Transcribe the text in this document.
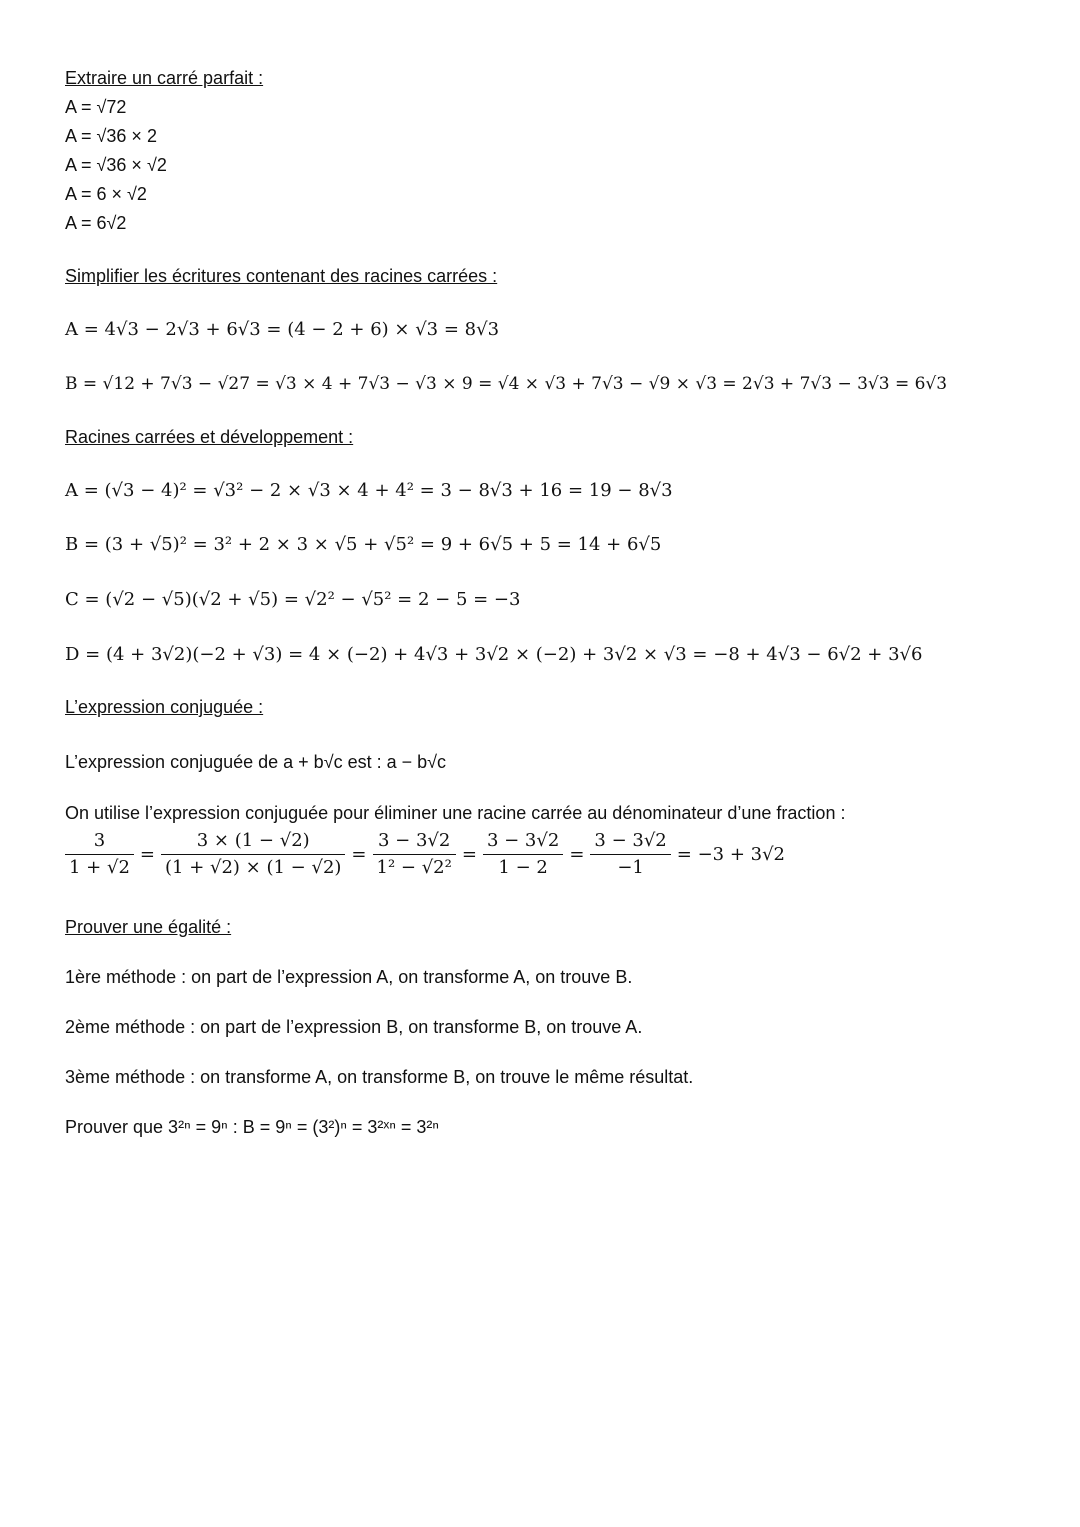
Extraire un carré parfait :
A = √72
A = √36 × 2
A = √36 × √2
A = 6 × √2
A = 6√2
Simplifier les écritures contenant des racines carrées :
A = 4√3 − 2√3 + 6√3 = (4 − 2 + 6) × √3 = 8√3
B = √12 + 7√3 − √27 = √3 × 4 + 7√3 − √3 × 9 = √4 × √3 + 7√3 − √9 × √3 = 2√3 + 7√3 − 3√3 = 6√3
Racines carrées et développement :
A = (√3 − 4)² = √3² − 2 × √3 × 4 + 4² = 3 − 8√3 + 16 = 19 − 8√3
B = (3 + √5)² = 3² + 2 × 3 × √5 + √5² = 9 + 6√5 + 5 = 14 + 6√5
C = (√2 − √5)(√2 + √5) = √2² − √5² = 2 − 5 = −3
D = (4 + 3√2)(−2 + √3) = 4 × (−2) + 4√3 + 3√2 × (−2) + 3√2 × √3 = −8 + 4√3 − 6√2 + 3√6
L’expression conjuguée :
L’expression conjuguée de a + b√c est : a − b√c
On utilise l’expression conjuguée pour éliminer une racine carrée au dénominateur d’une fraction :
$\frac{3}{1 + √2} = \frac{3 \times (1 - √2)}{(1 + √2) \times (1 - √2)} = \frac{3 - 3√2}{\text{1² − √2²}} = \frac{3 - 3√2}{1 - 2} = \frac{3 - 3√2}{-1} = -3 + 3√2$
Prouver une égalité :
1ère méthode : on part de l’expression A, on transforme A, on trouve B.
2ème méthode : on part de l’expression B, on transforme B, on trouve A.
3ème méthode : on transforme A, on transforme B, on trouve le même résultat.
Prouver que 3²ⁿ = 9ⁿ : B = 9ⁿ = (3²)ⁿ = 3²ˣⁿ = 3²ⁿ
